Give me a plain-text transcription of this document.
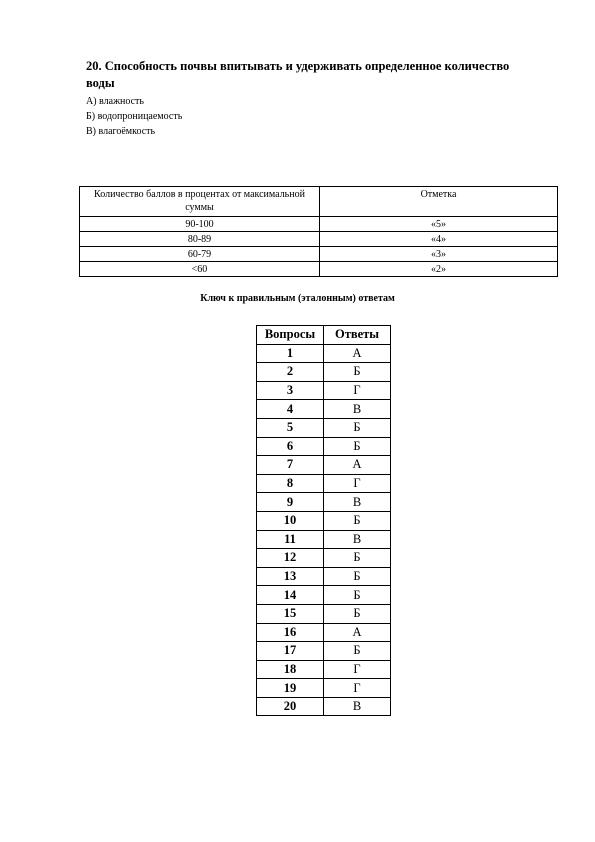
20. Способность почвы впитывать и удерживать определенное количество воды

А) влажность
Б) водопроницаемость
В) влагоёмкость
Количество баллов в процентах от максимальной суммы	Отметка
90-100	«5»
80-89	«4»
60-79	«3»
<60	«2»
Ключ к правильным (эталонным) ответам
Вопросы	Ответы
1	А
2	Б
3	Г
4	В
5	Б
6	Б
7	А
8	Г
9	В
10	Б
11	В
12	Б
13	Б
14	Б
15	Б
16	А
17	Б
18	Г
19	Г
20	В
